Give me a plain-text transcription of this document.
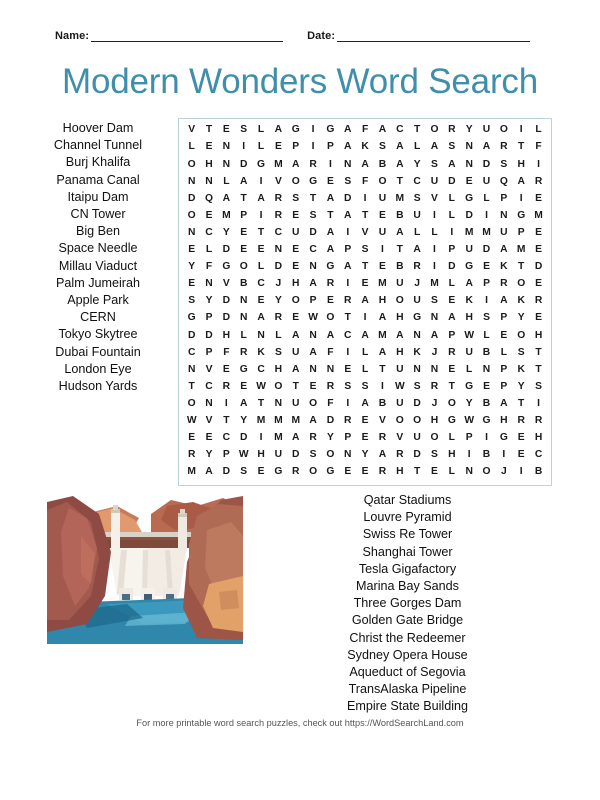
Name:	Date:
Modern Wonders Word Search
Hoover Dam
Channel Tunnel
Burj Khalifa
Panama Canal
Itaipu Dam
CN Tower
Big Ben
Space Needle
Millau Viaduct
Palm Jumeirah
Apple Park
CERN
Tokyo Skytree
Dubai Fountain
London Eye
Hudson Yards
V	T	E	S	L	A G	I	G A	F	A C	T O R Y U O	I	L
L	E N	I	L	E	P	I	P A K S A	L	A S N A R	T	F
O H N D G M A R	I	N A B A Y	S A N D S H	I
N N	L	A	I	V O G E	S	F O T	C U D E U Q A R
D Q A	T	A R S	T	A D	I	U M S	V	L G L	P	I	E
O E M P	I	R E	S	T	A	T	E B U	I	L	D	I	N G M
N C Y	E	T	C U D A	I	V U A	L	L	I	M M U P	E
E	L	D E	E N E C A P	S	I	T	A	I	P U D A M E
Y	F G O L	D E N G A	T	E B R	I	D G E K	T	D
E N V B C	J	H A R	I	E M U	J M L	A P R O E
S	Y D N E	Y O P	E R A H O U S	E K	I	A K R
G P D N A R E W O T	I	A H G N A H S	P	Y	E
D D H	L	N	L	A N A C A M A N A P W L	E O H
C P	F	R K S U A	F	I	L	A H K	J	R U B	L	S	T
N V	E G C H A N N E	L	T	U N N E	L	N P K	T
T	C R E W O T	E R S	S	I	W S R	T G E	P	Y	S
O N	I	A	T	N U O F	I	A B U D	J	O Y B A	T	I
W V	T	Y M M M A D R E	V O O H G W G H R R
E	E C D	I	M A R Y	P	E R V U O L	P	I	G E H
R Y	P W H U D S O N Y A R D S H	I	B	I	E C
M A D S	E G R O G E	E R H	T	E	L	N O	J	I	B
Qatar Stadiums
Louvre Pyramid
Swiss Re Tower
Shanghai Tower
Tesla Gigafactory
Marina Bay Sands
Three Gorges Dam
Golden Gate Bridge
Christ the Redeemer
Sydney Opera House
Aqueduct of Segovia
TransAlaska Pipeline
Empire State Building
For more printable word search puzzles, check out https://WordSearchLand.com
